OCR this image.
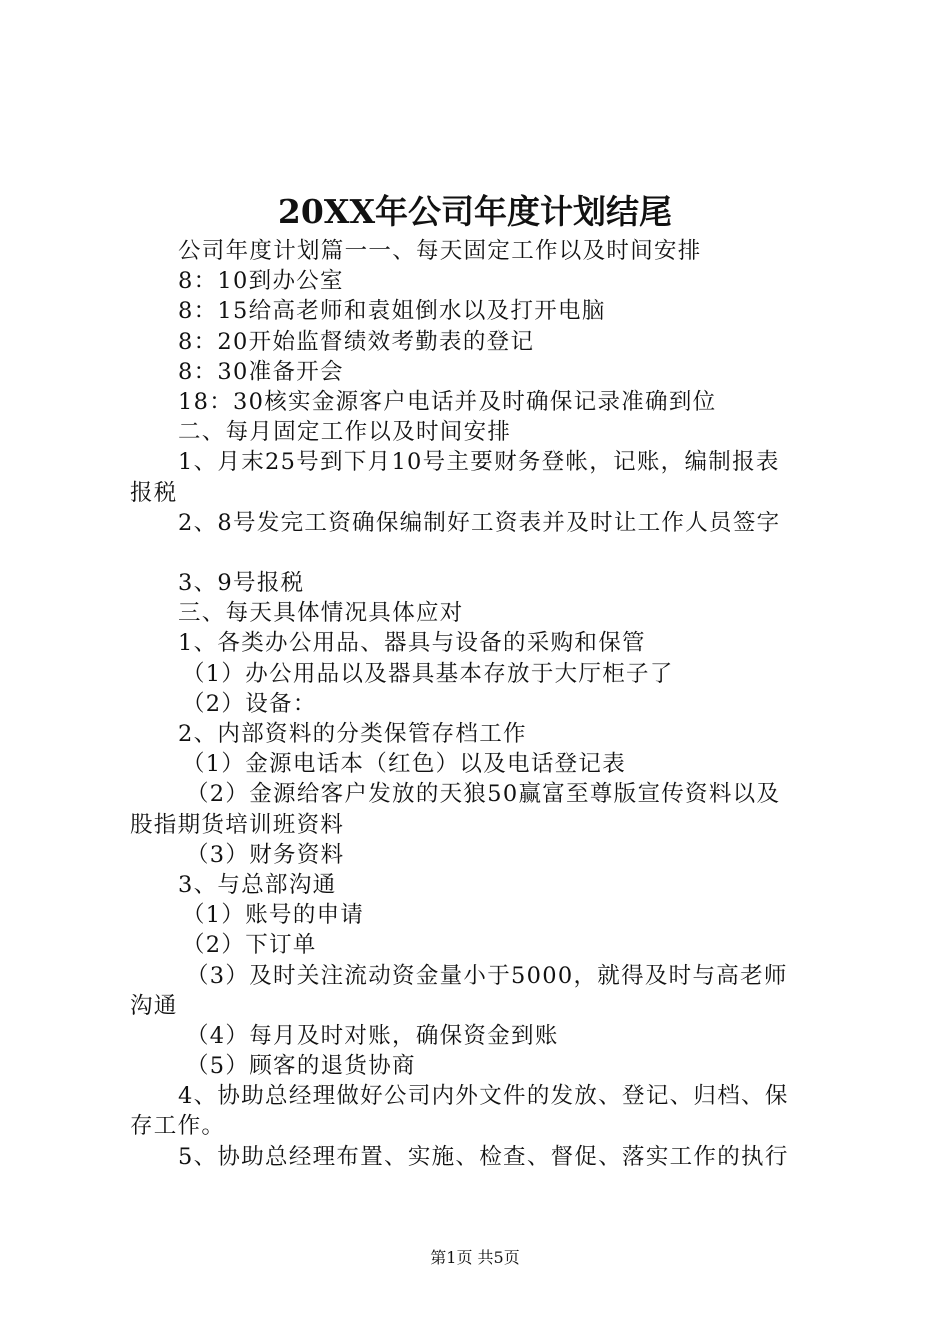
20XX年公司年度计划结尾
公司年度计划篇一一、每天固定工作以及时间安排
8：10到办公室
8：15给高老师和袁姐倒水以及打开电脑
8：20开始监督绩效考勤表的登记
8：30准备开会
18：30核实金源客户电话并及时确保记录准确到位
二、每月固定工作以及时间安排
1、月末25号到下月10号主要财务登帐，记账，编制报表
报税
2、8号发完工资确保编制好工资表并及时让工作人员签字
3、9号报税
三、每天具体情况具体应对
1、各类办公用品、器具与设备的采购和保管
（1）办公用品以及器具基本存放于大厅柜子了
（2）设备：
2、内部资料的分类保管存档工作
（1）金源电话本（红色）以及电话登记表
（2）金源给客户发放的天狼50赢富至尊版宣传资料以及
股指期货培训班资料
（3）财务资料
3、与总部沟通
（1）账号的申请
（2）下订单
（3）及时关注流动资金量小于5000，就得及时与高老师
沟通
（4）每月及时对账，确保资金到账
（5）顾客的退货协商
4、协助总经理做好公司内外文件的发放、登记、归档、保
存工作。
5、协助总经理布置、实施、检查、督促、落实工作的执行
第1页 共5页
